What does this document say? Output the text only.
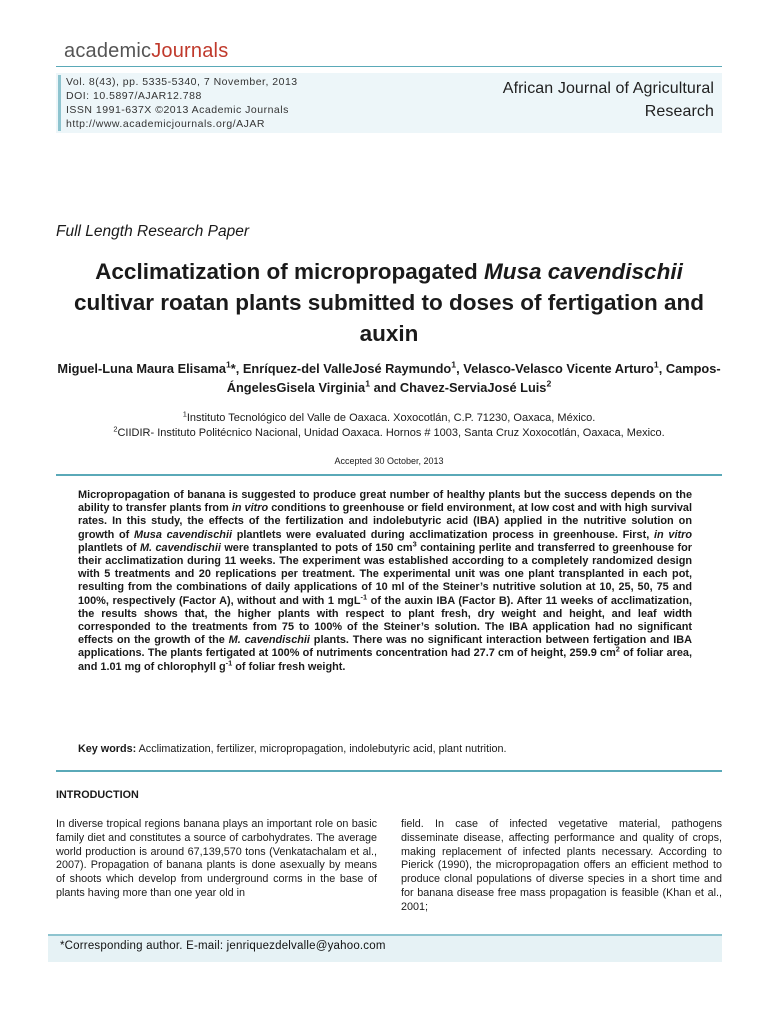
academicJournals
Vol. 8(43), pp. 5335-5340, 7 November, 2013
DOI: 10.5897/AJAR12.788
ISSN 1991-637X ©2013 Academic Journals
http://www.academicjournals.org/AJAR
African Journal of Agricultural
Research
Full Length Research Paper
Acclimatization of micropropagated Musa cavendischii cultivar roatan plants submitted to doses of fertigation and auxin
Miguel-Luna Maura Elisama$^1$*, Enríquez-del ValleJosé Raymundo$^1$, Velasco-Velasco Vicente Arturo$^1$, Campos-ÁngelesGisela Virginia$^1$ and Chavez-ServiaJosé Luis$^2$
$^1$Instituto Tecnológico del Valle de Oaxaca. Xoxocotlán, C.P. 71230, Oaxaca, México.
$^2$CIIDIR- Instituto Politécnico Nacional, Unidad Oaxaca. Hornos # 1003, Santa Cruz Xoxocotlán, Oaxaca, Mexico.
Accepted 30 October, 2013
Micropropagation of banana is suggested to produce great number of healthy plants but the success depends on the ability to transfer plants from in vitro conditions to greenhouse or field environment, at low cost and with high survival rates. In this study, the effects of the fertilization and indolebutyric acid (IBA) applied in the nutritive solution on growth of Musa cavendischii plantlets were evaluated during acclimatization process in greenhouse. First, in vitro plantlets of M. cavendischii were transplanted to pots of 150 $cm^3$ containing perlite and transferred to greenhouse for their acclimatization during 11 weeks. The experiment was established according to a completely randomized design with 5 treatments and 20 replications per treatment. The experimental unit was one plant transplanted in each pot, resulting from the combinations of daily applications of 10 ml of the Steiner’s nutritive solution at 10, 25, 50, 75 and 100%, respectively (Factor A), without and with 1 mgL$^{-1}$ of the auxin IBA (Factor B). After 11 weeks of acclimatization, the results shows that, the higher plants with respect to plant fresh, dry weight and height, and leaf width corresponded to the treatments from 75 to 100% of the Steiner’s solution. The IBA application had no significant effects on the growth of the M. cavendischii plants. There was no significant interaction between fertigation and IBA applications. The plants fertigated at 100% of nutriments concentration had 27.7 cm of height, 259.9 $cm^2$ of foliar area, and 1.01 mg of chlorophyll $g^{-1}$ of foliar fresh weight.
Key words: Acclimatization, fertilizer, micropropagation, indolebutyric acid, plant nutrition.
INTRODUCTION
In diverse tropical regions banana plays an important role on basic family diet and constitutes a source of carbohydrates. The average world production is around 67,139,570 tons (Venkatachalam et al., 2007). Propagation of banana plants is done asexually by means of shoots which develop from underground corms in the base of plants having more than one year old in
field. In case of infected vegetative material, pathogens disseminate disease, affecting performance and quality of crops, making replacement of infected plants necessary. According to Pierick (1990), the micropropagation offers an efficient method to produce clonal populations of diverse species in a short time and for banana disease free mass propagation is feasible (Khan et al., 2001;
*Corresponding author. E-mail: jenriquezdelvalle@yahoo.com
